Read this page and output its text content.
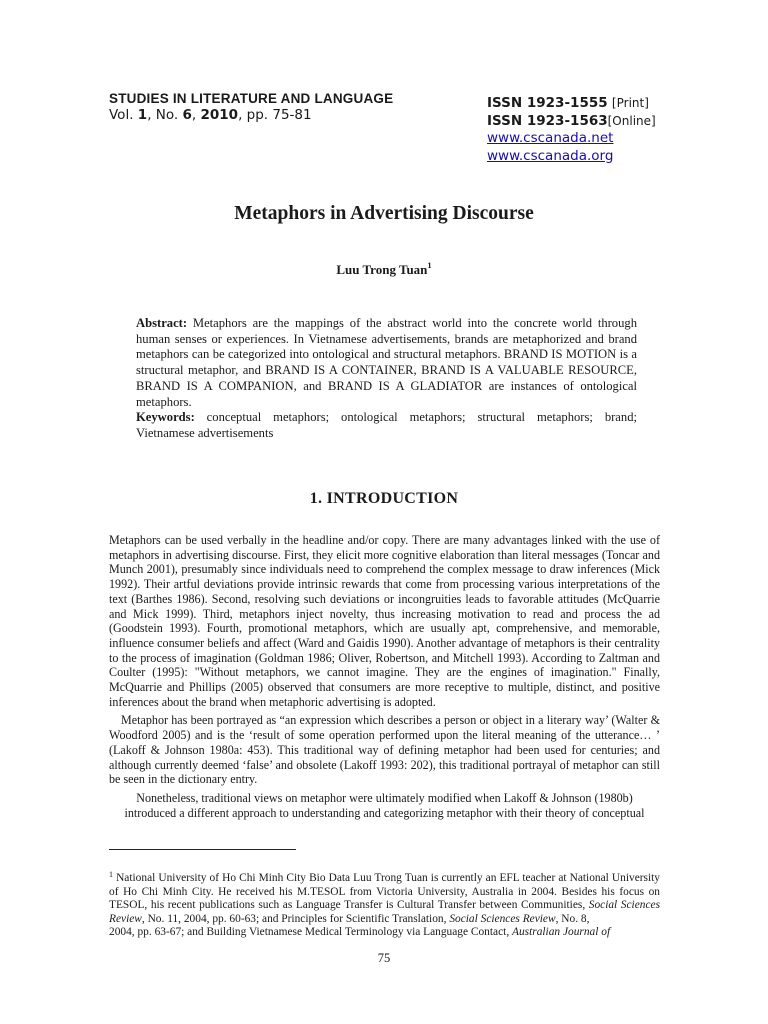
STUDIES IN LITERATURE AND LANGUAGE
Vol. 1, No. 6, 2010, pp. 75-81
ISSN 1923-1555 [Print]
ISSN 1923-1563[Online]
www.cscanada.net
www.cscanada.org
Metaphors in Advertising Discourse
Luu Trong Tuan$^1$

Abstract: Metaphors are the mappings of the abstract world into the concrete world through human senses or experiences. In Vietnamese advertisements, brands are metaphorized and brand metaphors can be categorized into ontological and structural metaphors. BRAND IS MOTION is a structural metaphor, and BRAND IS A CONTAINER, BRAND IS A VALUABLE RESOURCE, BRAND IS A COMPANION, and BRAND IS A GLADIATOR are instances of ontological metaphors.

Keywords: conceptual metaphors; ontological metaphors; structural metaphors; brand; Vietnamese advertisements

1. INTRODUCTION

Metaphors can be used verbally in the headline and/or copy. There are many advantages linked with the use of metaphors in advertising discourse. First, they elicit more cognitive elaboration than literal messages (Toncar and Munch 2001), presumably since individuals need to comprehend the complex message to draw inferences (Mick 1992). Their artful deviations provide intrinsic rewards that come from processing various interpretations of the text (Barthes 1986). Second, resolving such deviations or incongruities leads to favorable attitudes (McQuarrie and Mick 1999). Third, metaphors inject novelty, thus increasing motivation to read and process the ad (Goodstein 1993). Fourth, promotional metaphors, which are usually apt, comprehensive, and memorable, influence consumer beliefs and affect (Ward and Gaidis 1990). Another advantage of metaphors is their centrality to the process of imagination (Goldman 1986; Oliver, Robertson, and Mitchell 1993). According to Zaltman and Coulter (1995): "Without metaphors, we cannot imagine. They are the engines of imagination." Finally, McQuarrie and Phillips (2005) observed that consumers are more receptive to multiple, distinct, and positive inferences about the brand when metaphoric advertising is adopted.

Metaphor has been portrayed as “an expression which describes a person or object in a literary way’ (Walter & Woodford 2005) and is the ‘result of some operation performed upon the literal meaning of the utterance… ’ (Lakoff & Johnson 1980a: 453). This traditional way of defining metaphor had been used for centuries; and although currently deemed ‘false’ and obsolete (Lakoff 1993: 202), this traditional portrayal of metaphor can still be seen in the dictionary entry.

Nonetheless, traditional views on metaphor were ultimately modified when Lakoff & Johnson (1980b) introduced a different approach to understanding and categorizing metaphor with their theory of conceptual

$^1$ National University of Ho Chi Minh City Bio Data Luu Trong Tuan is currently an EFL teacher at National University of Ho Chi Minh City. He received his M.TESOL from Victoria University, Australia in 2004. Besides his focus on TESOL, his recent publications such as Language Transfer is Cultural Transfer between Communities, Social Sciences Review, No. 11, 2004, pp. 60-63; and Principles for Scientific Translation, Social Sciences Review, No. 8,

2004, pp. 63-67; and Building Vietnamese Medical Terminology via Language Contact, Australian Journal of

75
